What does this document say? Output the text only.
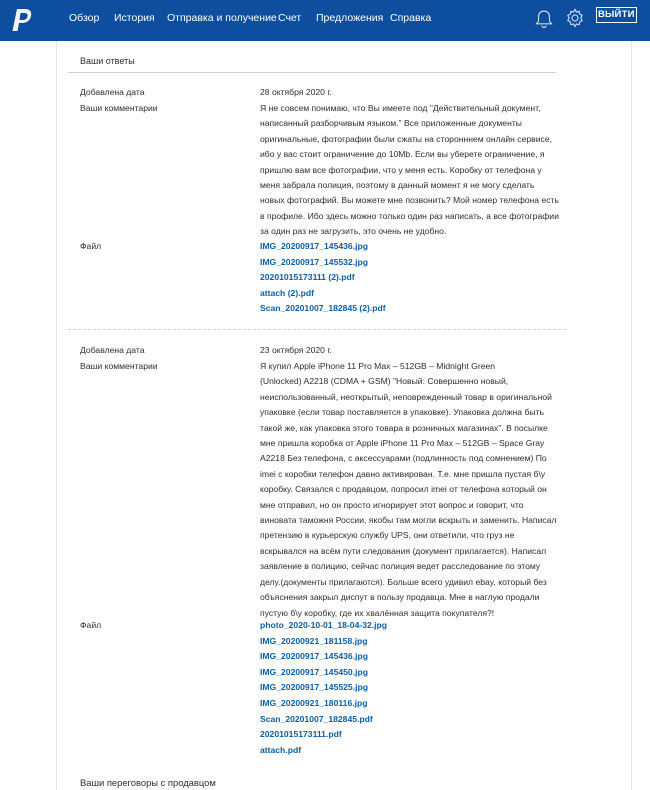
Обзор История Отправка и получение Счет Предложения Справка	ВЫЙТИ
Ваши ответы
Добавлена дата	28 октября 2020 г.
Ваши комментарии	Я не совсем понимаю, что Вы имеете под "Действительный документ,
написанный разборчивым языком." Все приложенные документы
оригинальные, фотографии были сжаты на сторонннем онлайн сервисе,
ибо у вас стоит ограничение до 10Mb. Если вы уберете ограничение, я
пришлю вам все фотографии, что у меня есть. Коробку от телефона у
меня забрала полиция, поэтому в данный момент я не могу сделать
новых фотографий. Вы можете мне позвонить? Мой номер телефона есть
в профиле. Ибо здесь можно только один раз написать, а все фотографии
за один раз не загрузить, это очень не удобно.
Файл	IMG_20200917_145436.jpg
IMG_20200917_145532.jpg
20201015173111 (2).pdf
attach (2).pdf
Scan_20201007_182845 (2).pdf
Добавлена дата	23 октября 2020 г.
Ваши комментарии	Я купил Apple iPhone 11 Pro Max – 512GB – Midnight Green
(Unlocked) A2218 (CDMA + GSM) "Новый: Совершенно новый,
неиспользованный, неоткрытый, неповрежденный товар в оригинальной
упаковке (если товар поставляется в упаковке). Упаковка должна быть
такой же, как упаковка этого товара в розничных магазинах". В посылке
мне пришла коробка от Apple iPhone 11 Pro Max – 512GB – Space Gray
A2218 Без телефона, с аксессуарами (подлинность под сомнением) По
imei с коробки телефон давно активирован. Т.е. мне пришла пустая б\у
коробку. Связался с продавцом, попросил imei от телефона который он
мне отправил, но он просто игнорирует этот вопрос и говорит, что
виновата таможня России, якобы там могли вскрыть и заменить. Написал
претензию в курьерскую службу UPS, они ответили, что груз не
вскрывался на всём пути следования (документ прилагается). Написал
заявление в полицию, сейчас полиция ведет расследование по этому
делу.(документы прилагаются). Больше всего удивил ebay, который без
объяснения закрыл диспут в пользу продавца. Мне в наглую продали
пустую б\у коробку, где их хвалённая защита покупателя?!
Файл	photo_2020-10-01_18-04-32.jpg
IMG_20200921_181158.jpg
IMG_20200917_145436.jpg
IMG_20200917_145450.jpg
IMG_20200917_145525.jpg
IMG_20200921_180116.jpg
Scan_20201007_182845.pdf
20201015173111.pdf
attach.pdf
Ваши переговоры с продавцом
